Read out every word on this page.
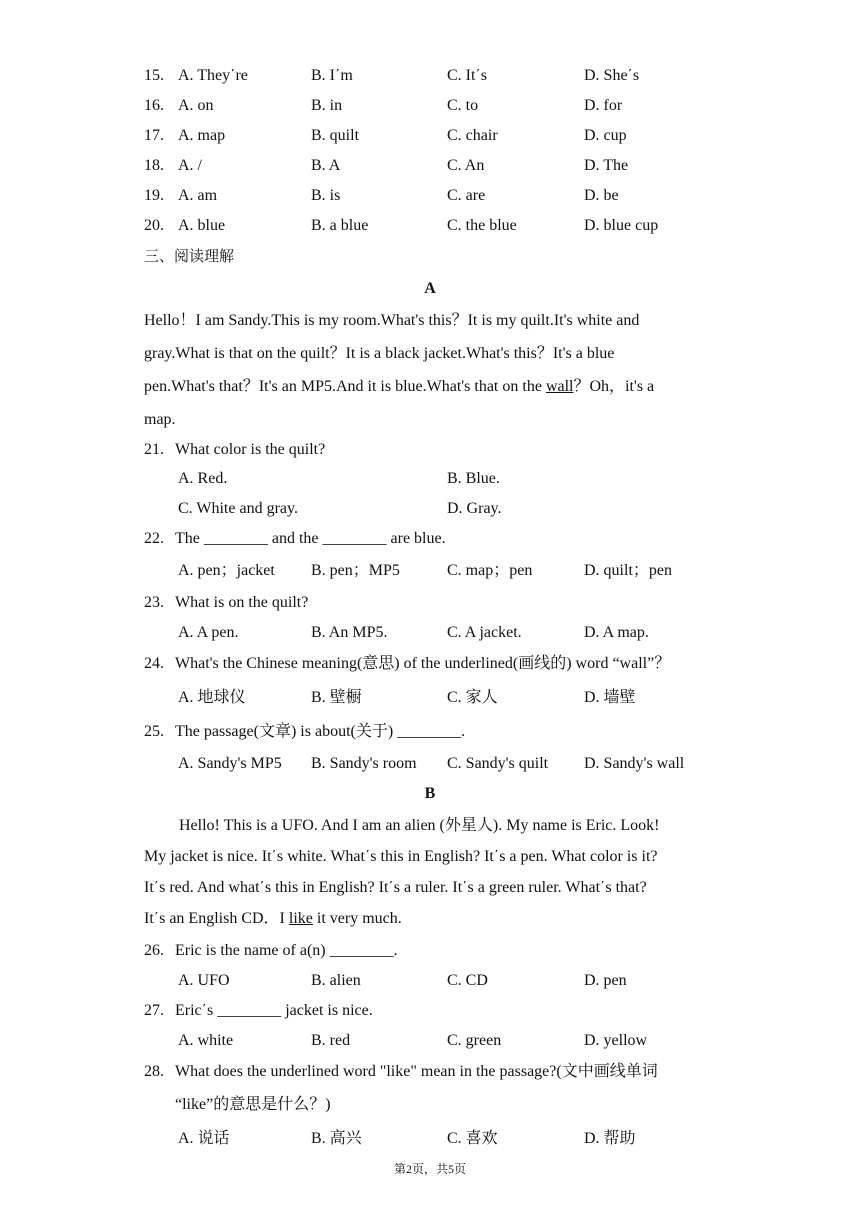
15. A. They΄re	B. I΄m	C. It΄s	D. She΄s
16. A. on	B. in	C. to	D. for
17. A. map	B. quilt	C. chair	D. cup
18. A. /	B. A	C. An	D. The
19. A. am	B. is	C. are	D. be
20. A. blue	B. a blue	C. the blue	D. blue cup
三、阅读理解
A
Hello！I am Sandy.This is my room.What's this？It is my quilt.It's white and
gray.What is that on the quilt？It is a black jacket.What's this？It's a blue
pen.What's that？It's an MP5.And it is blue.What's that on the wall？Oh，it's a
map.
21. What color is the quilt?
A. Red.	B. Blue.
C. White and gray.	D. Gray.
22. The ________ and the ________ are blue.
A. pen；jacket B. pen；MP5	C. map；pen	D. quilt；pen
23. What is on the quilt?
A. A pen.	B. An MP5.	C. A jacket.	D. A map.
24. What's the Chinese meaning(意思) of the underlined(画线的) word “wall”？
A. 地球仪	B. 壁橱	C. 家人	D. 墙壁
25. The passage(文章) is about(关于) ________.
A. Sandy's MP5 B. Sandy's room C. Sandy's quilt D. Sandy's wall
B
Hello! This is a UFO. And I am an alien (外星人). My name is Eric. Look!
My jacket is nice. It΄s white. What΄s this in English? It΄s a pen. What color is it?
It΄s red. And what΄s this in English? It΄s a ruler. It΄s a green ruler. What΄s that?
It΄s an English CD．I like it very much.
26. Eric is the name of a(n) ________.
A. UFO	B. alien	C. CD	D. pen
27. Eric΄s ________ jacket is nice.
A. white	B. red	C. green	D. yellow
28. What does the underlined word "like" mean in the passage?(文中画线单词
“like”的意思是什么？)
A. 说话	B. 高兴	C. 喜欢	D. 帮助
第2页，共5页
